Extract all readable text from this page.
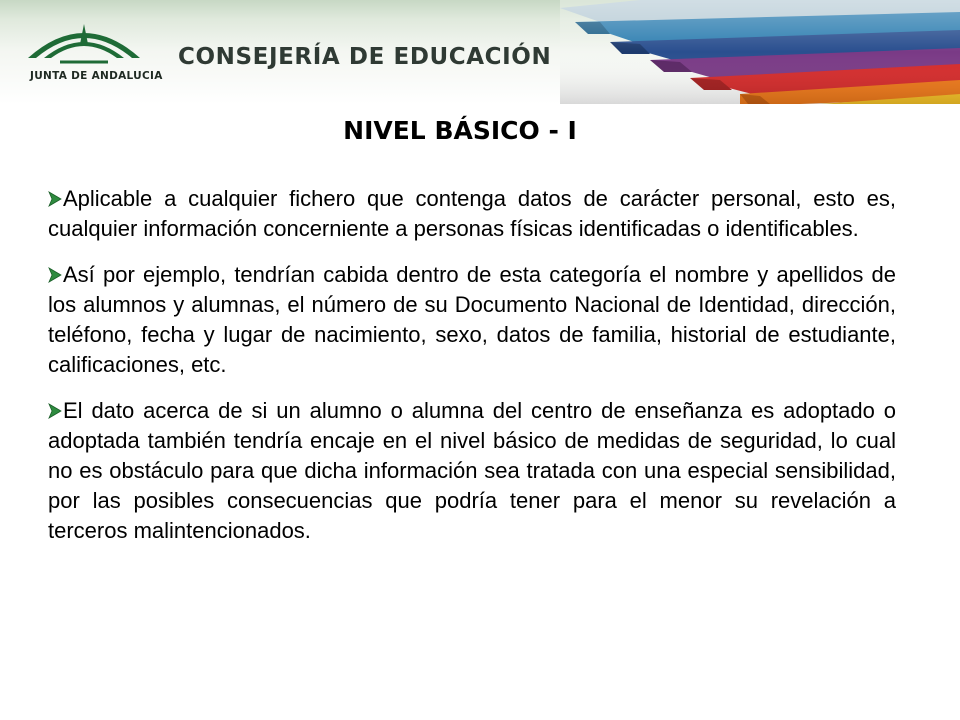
JUNTA DE ANDALUCIA
CONSEJERÍA DE EDUCACIÓN
NIVEL BÁSICO - I

Aplicable a cualquier fichero que contenga datos de carácter personal, esto es, cualquier información concerniente a personas físicas identificadas o identificables.

Así por ejemplo, tendrían cabida dentro de esta categoría el nombre y apellidos de los alumnos y alumnas, el número de su Documento Nacional de Identidad, dirección, teléfono, fecha y lugar de nacimiento, sexo, datos de familia, historial de estudiante, calificaciones, etc.

El dato acerca de si un alumno o alumna del centro de enseñanza es adoptado o adoptada también tendría encaje en el nivel básico de medidas de seguridad, lo cual no es obstáculo para que dicha información sea tratada con una especial sensibilidad, por las posibles consecuencias que podría tener para el menor su revelación a terceros malintencionados.
